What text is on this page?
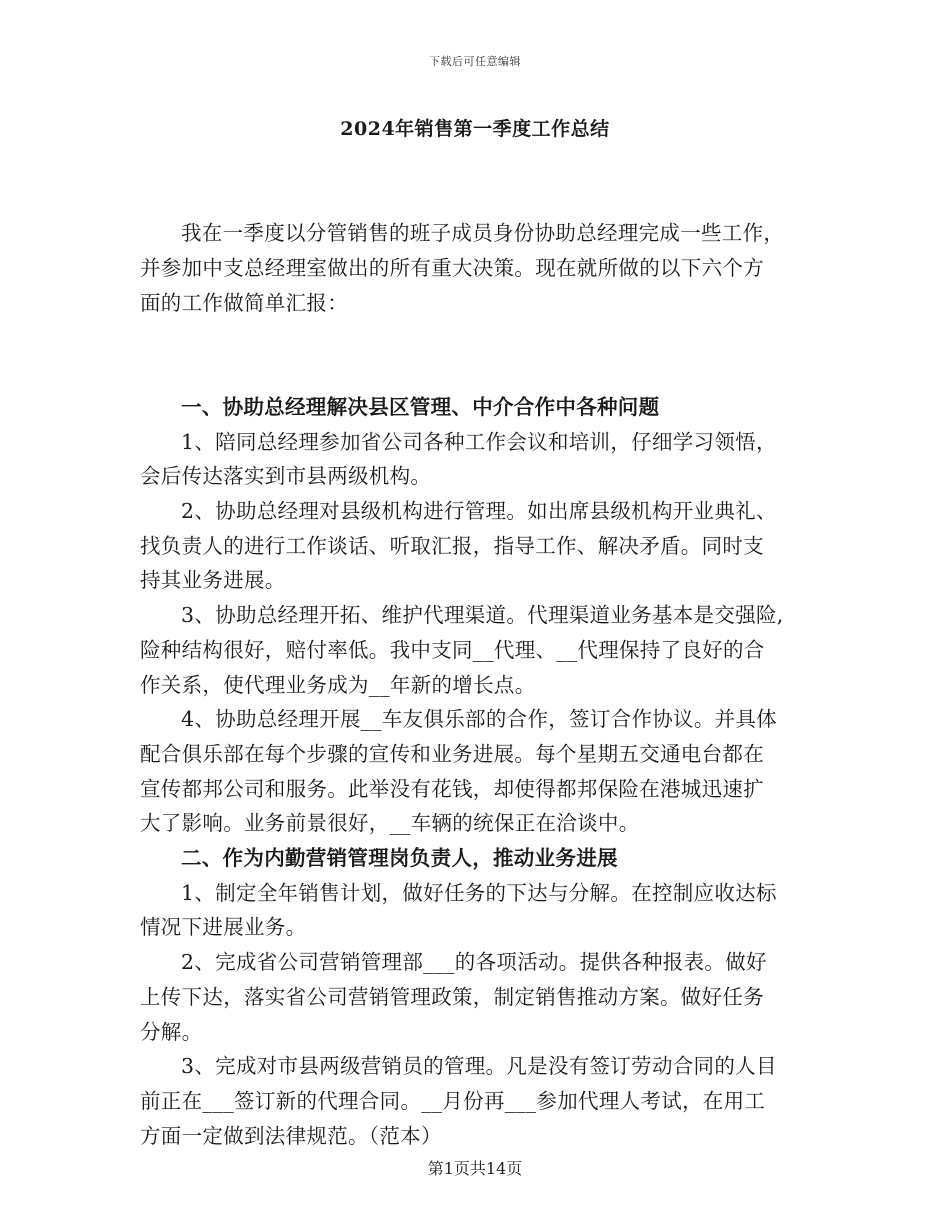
下载后可任意编辑
2024年销售第一季度工作总结

我在一季度以分管销售的班子成员身份协助总经理完成一些工作，
并参加中支总经理室做出的所有重大决策。现在就所做的以下六个方
面的工作做简单汇报：

一、协助总经理解决县区管理、中介合作中各种问题

1、陪同总经理参加省公司各种工作会议和培训，仔细学习领悟，
会后传达落实到市县两级机构。

2、协助总经理对县级机构进行管理。如出席县级机构开业典礼、
找负责人的进行工作谈话、听取汇报，指导工作、解决矛盾。同时支
持其业务进展。

3、协助总经理开拓、维护代理渠道。代理渠道业务基本是交强险,
险种结构很好，赔付率低。我中支同__代理、__代理保持了良好的合
作关系，使代理业务成为__年新的增长点。

4、协助总经理开展__车友俱乐部的合作，签订合作协议。并具体
配合俱乐部在每个步骤的宣传和业务进展。每个星期五交通电台都在
宣传都邦公司和服务。此举没有花钱，却使得都邦保险在港城迅速扩
大了影响。业务前景很好，__车辆的统保正在洽谈中。

二、作为内勤营销管理岗负责人，推动业务进展

1、制定全年销售计划，做好任务的下达与分解。在控制应收达标
情况下进展业务。

2、完成省公司营销管理部___的各项活动。提供各种报表。做好
上传下达，落实省公司营销管理政策，制定销售推动方案。做好任务
分解。

3、完成对市县两级营销员的管理。凡是没有签订劳动合同的人目
前正在___签订新的代理合同。__月份再___参加代理人考试，在用工
方面一定做到法律规范。（范本）

第1页共14页
